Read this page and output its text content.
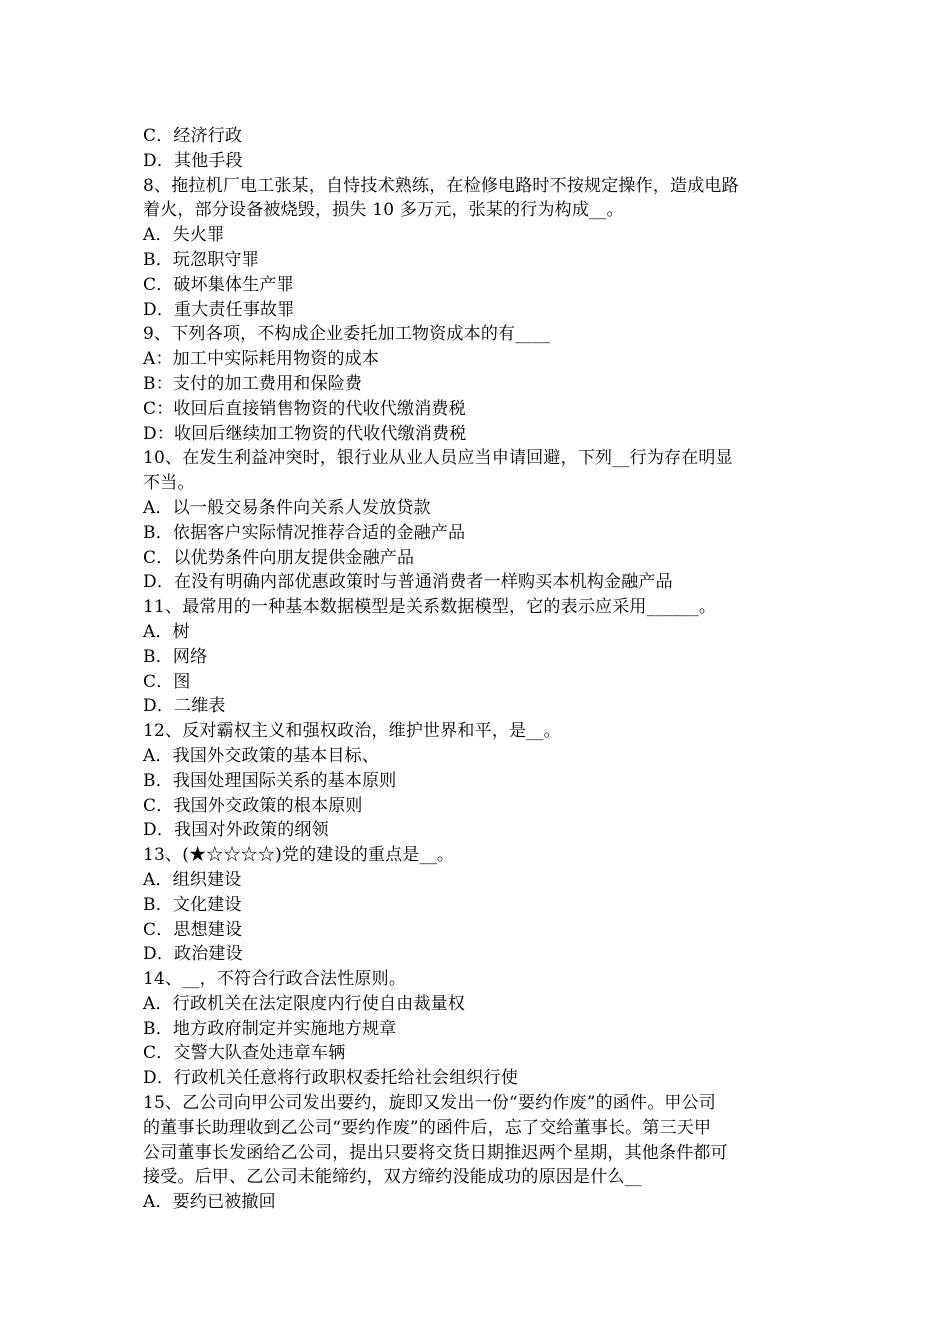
C．经济行政
D．其他手段
8、拖拉机厂电工张某，自恃技术熟练，在检修电路时不按规定操作，造成电路
着火，部分设备被烧毁，损失 10 多万元，张某的行为构成__。
A．失火罪
B．玩忽职守罪
C．破坏集体生产罪
D．重大责任事故罪
9、下列各项，不构成企业委托加工物资成本的有____
A：加工中实际耗用物资的成本
B：支付的加工费用和保险费
C：收回后直接销售物资的代收代缴消费税
D：收回后继续加工物资的代收代缴消费税
10、在发生利益冲突时，银行业从业人员应当申请回避，下列__行为存在明显
不当。
A．以一般交易条件向关系人发放贷款
B．依据客户实际情况推荐合适的金融产品
C．以优势条件向朋友提供金融产品
D．在没有明确内部优惠政策时与普通消费者一样购买本机构金融产品
11、最常用的一种基本数据模型是关系数据模型，它的表示应采用______。
A．树
B．网络
C．图
D．二维表
12、反对霸权主义和强权政治，维护世界和平，是__。
A．我国外交政策的基本目标、
B．我国处理国际关系的基本原则
C．我国外交政策的根本原则
D．我国对外政策的纲领
13、(★☆☆☆☆)党的建设的重点是__。
A．组织建设
B．文化建设
C．思想建设
D．政治建设
14、__，不符合行政合法性原则。
A．行政机关在法定限度内行使自由裁量权
B．地方政府制定并实施地方规章
C．交警大队查处违章车辆
D．行政机关任意将行政职权委托给社会组织行使
15、乙公司向甲公司发出要约，旋即又发出一份“要约作废”的函件。甲公司
的董事长助理收到乙公司“要约作废”的函件后，忘了交给董事长。第三天甲
公司董事长发函给乙公司，提出只要将交货日期推迟两个星期，其他条件都可
接受。后甲、乙公司未能缔约，双方缔约没能成功的原因是什么__
A．要约已被撤回
